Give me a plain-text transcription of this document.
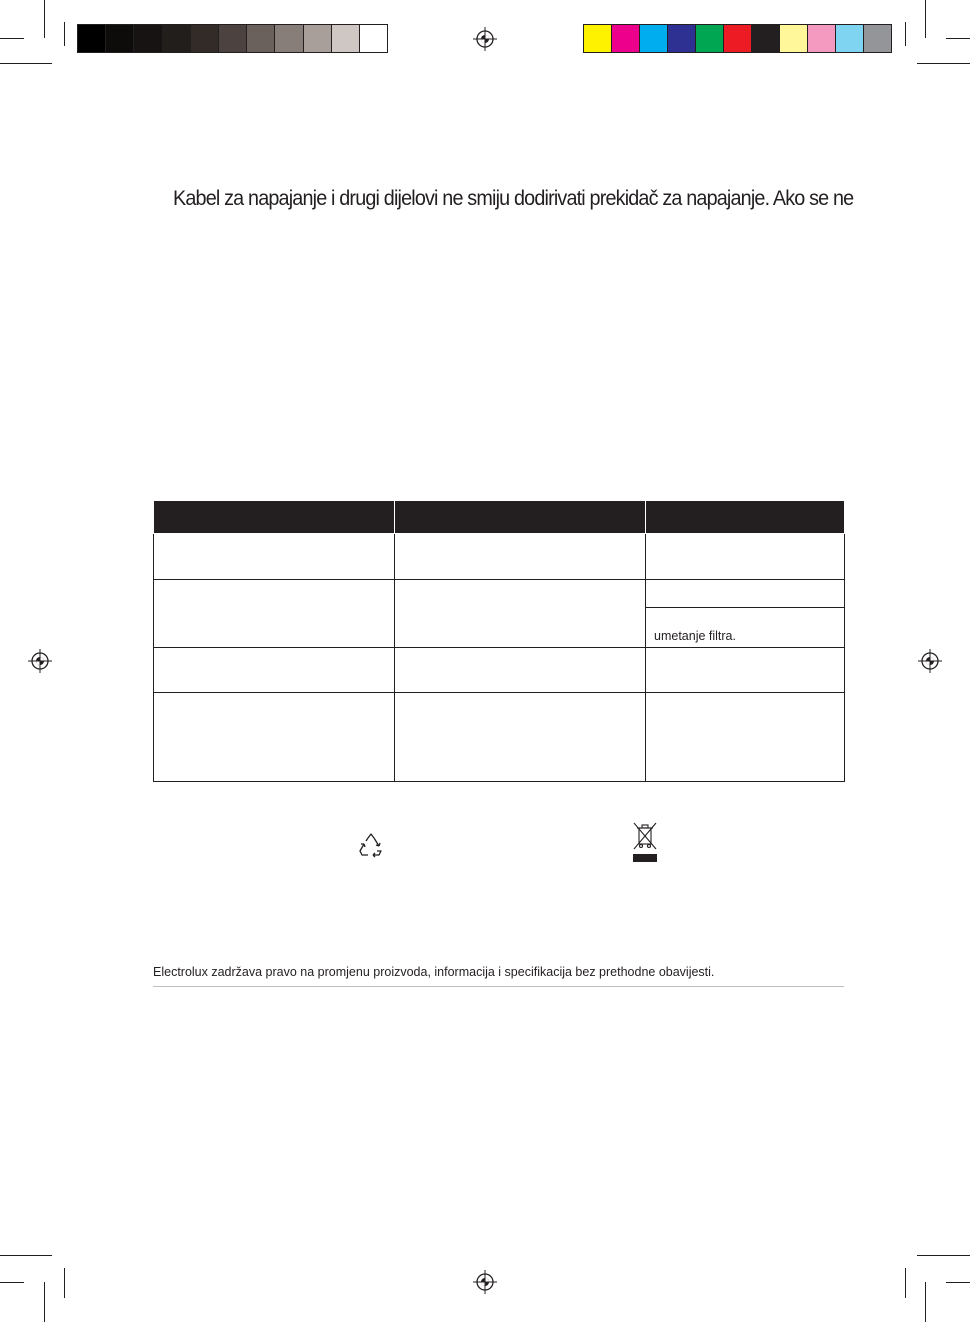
Kabel za napajanje i drugi dijelovi ne smiju dodirivati prekidač za napajanje. Ako se ne

		umetanje filtra.

Electrolux zadržava pravo na promjenu proizvoda, informacija i specifikacija bez prethodne obavijesti.
